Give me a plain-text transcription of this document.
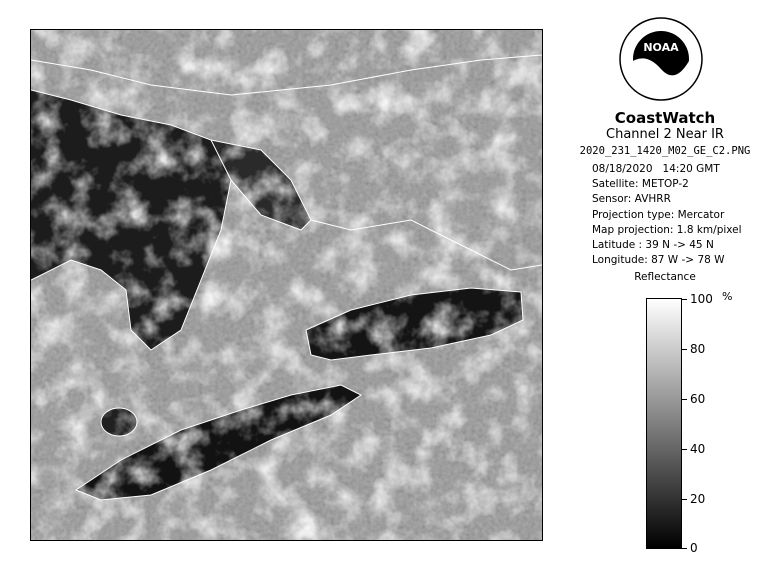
NOAA
CoastWatch
Channel 2 Near IR
2020_231_1420_M02_GE_C2.PNG
08/18/2020 14:20 GMT
Satellite: METOP-2
Sensor: AVHRR
Projection type: Mercator
Map projection: 1.8 km/pixel
Latitude : 39 N -> 45 N
Longitude: 87 W -> 78 W
Reflectance
%
100
80
60
40
20
0
